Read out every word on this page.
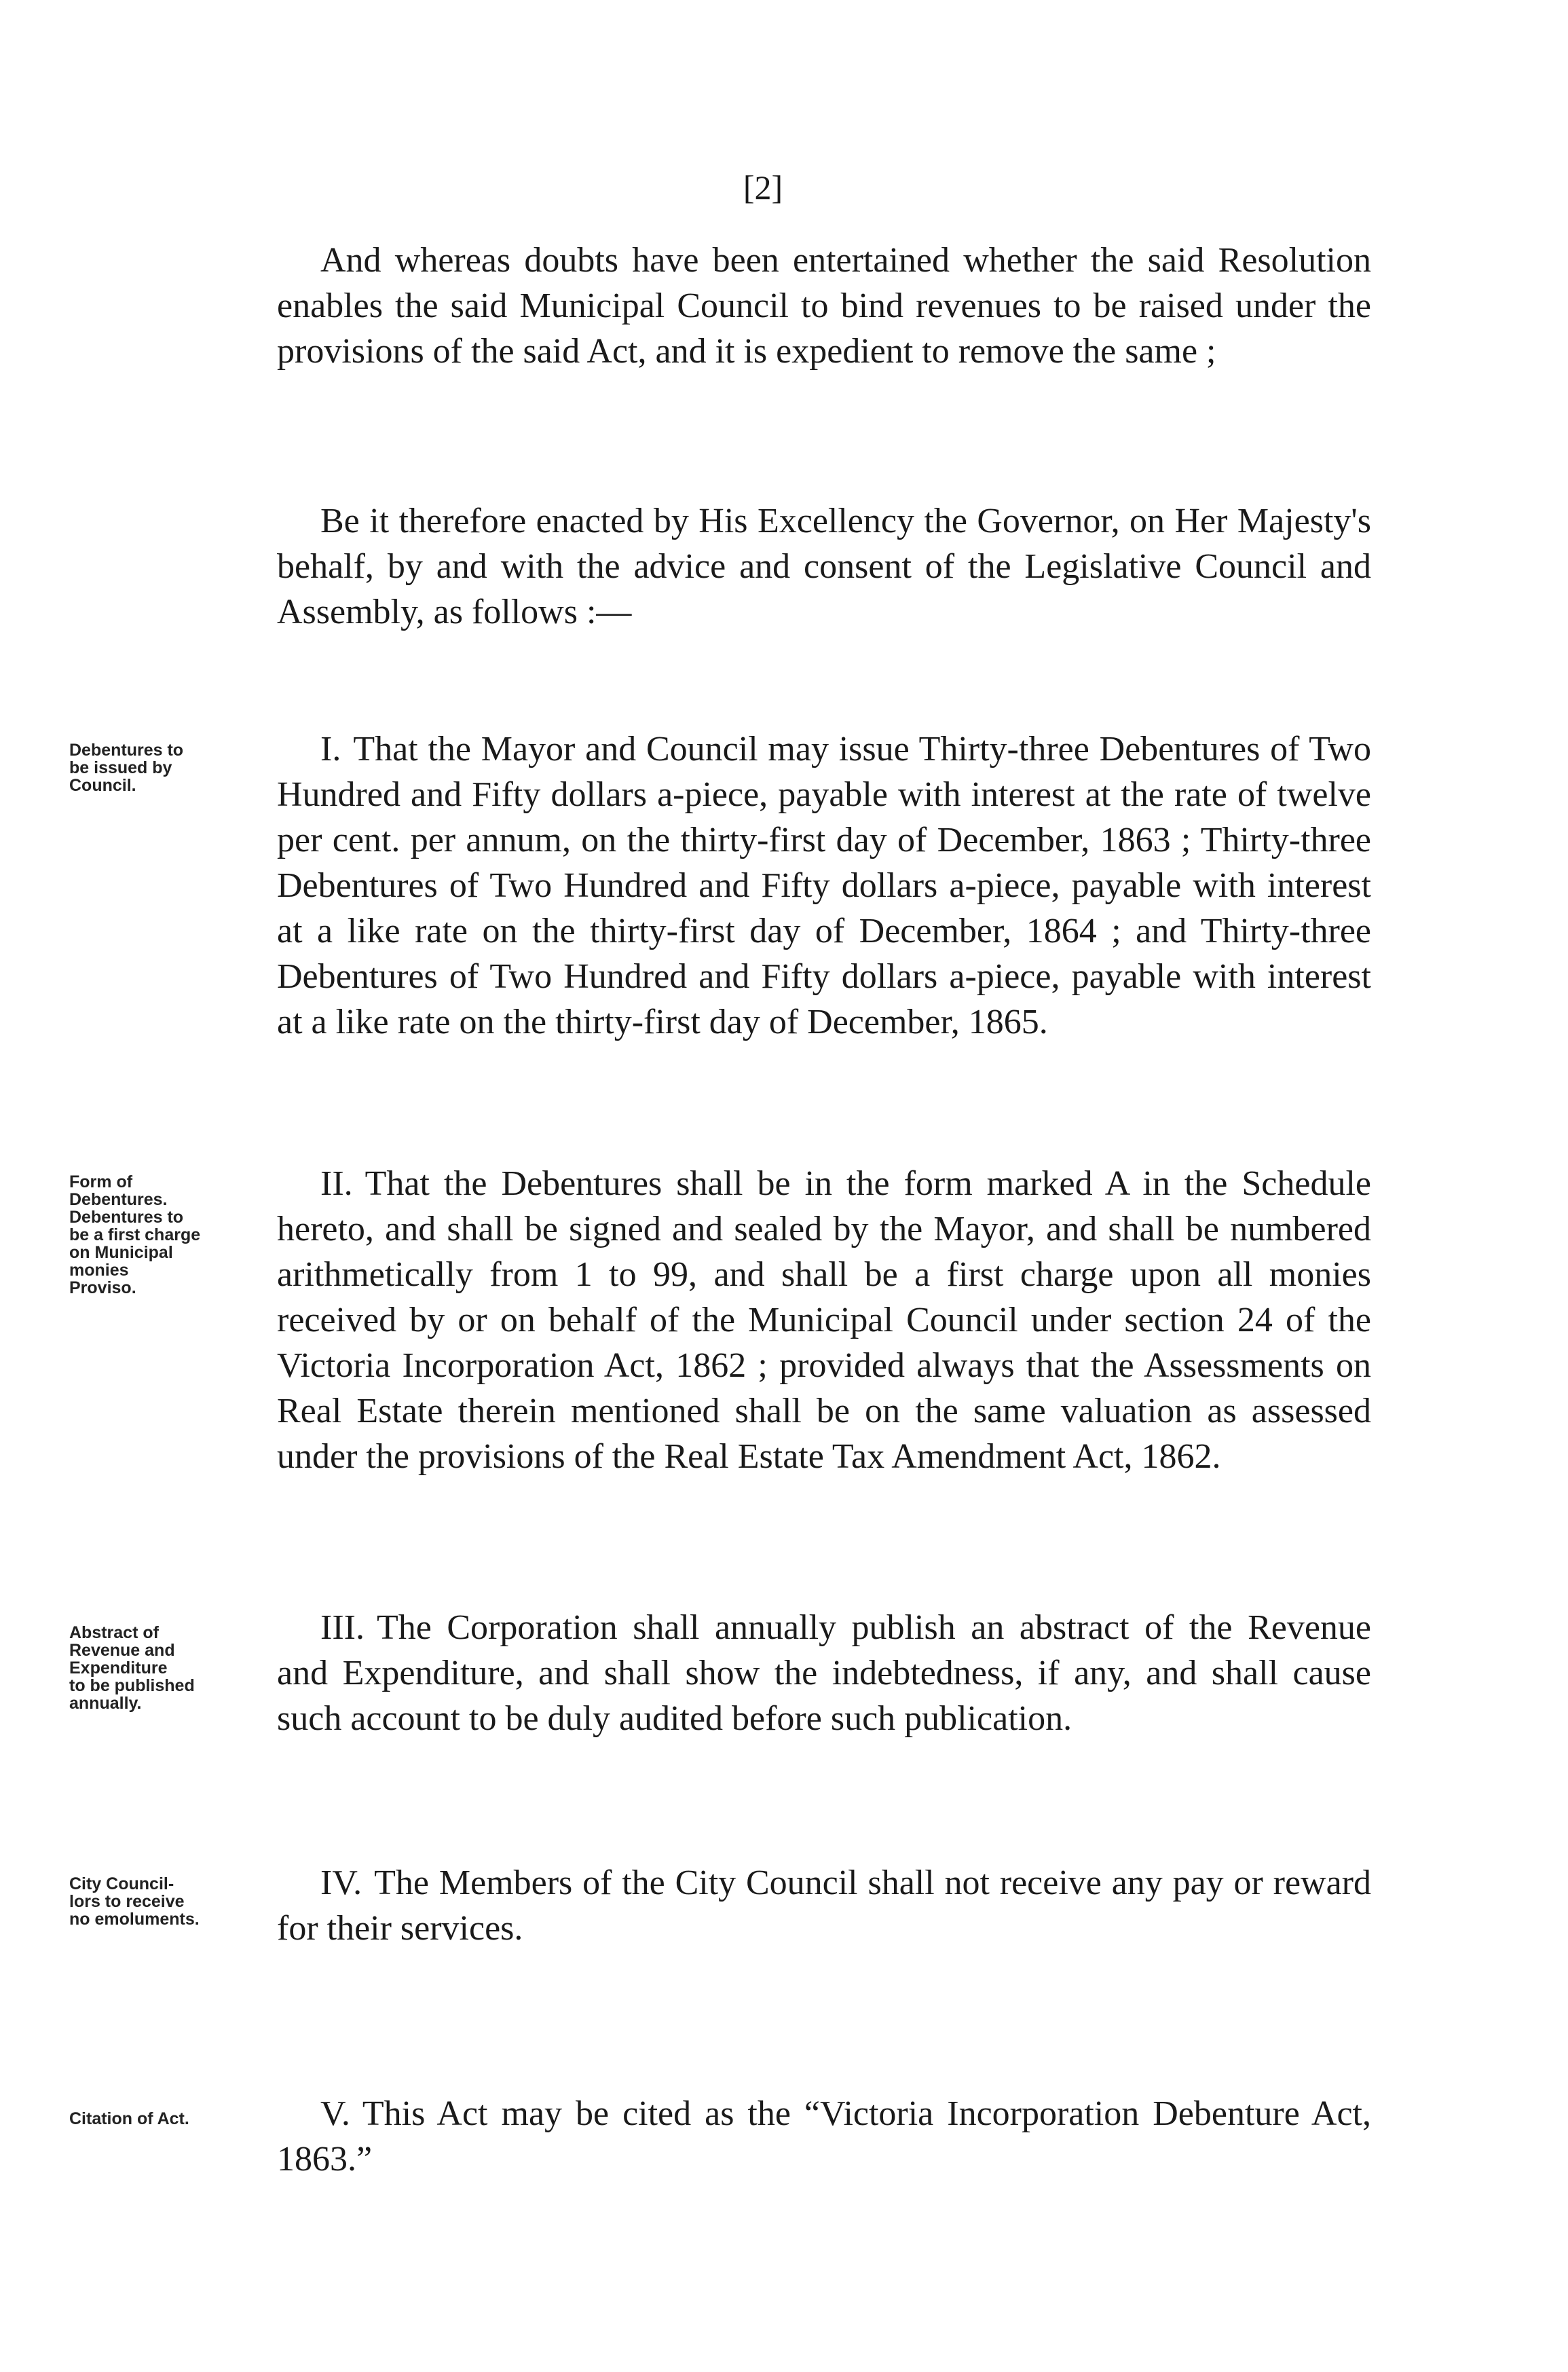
[2]

And whereas doubts have been entertained whether the said Resolution enables the said Municipal Council to bind revenues to be raised under the provisions of the said Act, and it is expedient to remove the same ;

Be it therefore enacted by His Excellency the Governor, on Her Majesty's behalf, by and with the advice and consent of the Legislative Council and Assembly, as follows :—

Debentures to
be issued by
Council.

I. That the Mayor and Council may issue Thirty-three Debentures of Two Hundred and Fifty dollars a-piece, payable with interest at the rate of twelve per cent. per annum, on the thirty-first day of December, 1863 ; Thirty-three Debentures of Two Hundred and Fifty dollars a-piece, payable with interest at a like rate on the thirty-first day of December, 1864 ; and Thirty-three Debentures of Two Hundred and Fifty dollars a-piece, payable with interest at a like rate on the thirty-first day of December, 1865.

Form of
Debentures.
Debentures to
be a first charge
on Municipal
monies
Proviso.

II. That the Debentures shall be in the form marked A in the Schedule hereto, and shall be signed and sealed by the Mayor, and shall be numbered arithmetically from 1 to 99, and shall be a first charge upon all monies received by or on behalf of the Municipal Council under section 24 of the Victoria Incorporation Act, 1862 ; provided always that the Assessments on Real Estate therein mentioned shall be on the same valuation as assessed under the provisions of the Real Estate Tax Amendment Act, 1862.

Abstract of
Revenue and
Expenditure
to be published
annually.

III. The Corporation shall annually publish an abstract of the Revenue and Expenditure, and shall show the indebtedness, if any, and shall cause such account to be duly audited before such publication.

City Council-
lors to receive
no emoluments.

IV. The Members of the City Council shall not receive any pay or reward for their services.

Citation of Act.	V. This Act may be cited as the “Victoria Incorporation Debenture Act, 1863.”
